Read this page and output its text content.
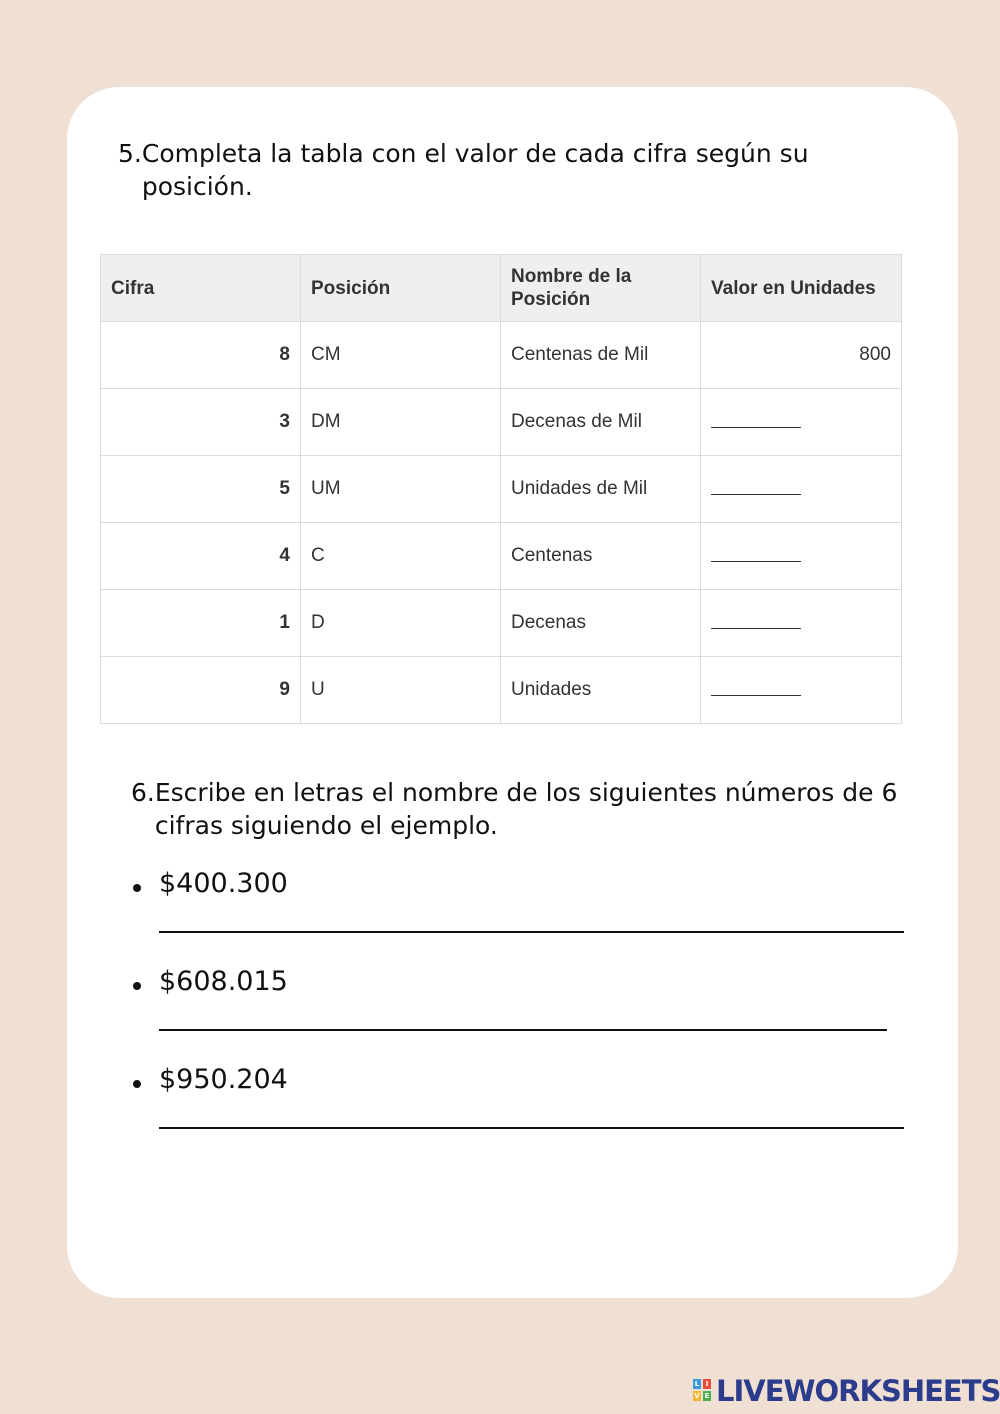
5. Completa la tabla con el valor de cada cifra según su posición.
Cifra	Posición	Nombre de la Posición	Valor en Unidades
8	CM	Centenas de Mil	800
3	DM	Decenas de Mil	
5	UM	Unidades de Mil	
4	C	Centenas	
1	D	Decenas	
9	U	Unidades	
6. Escribe en letras el nombre de los siguientes números de 6 cifras siguiendo el ejemplo.
$400.300
$608.015
$950.204
L I
V E LIVEWORKSHEETS
